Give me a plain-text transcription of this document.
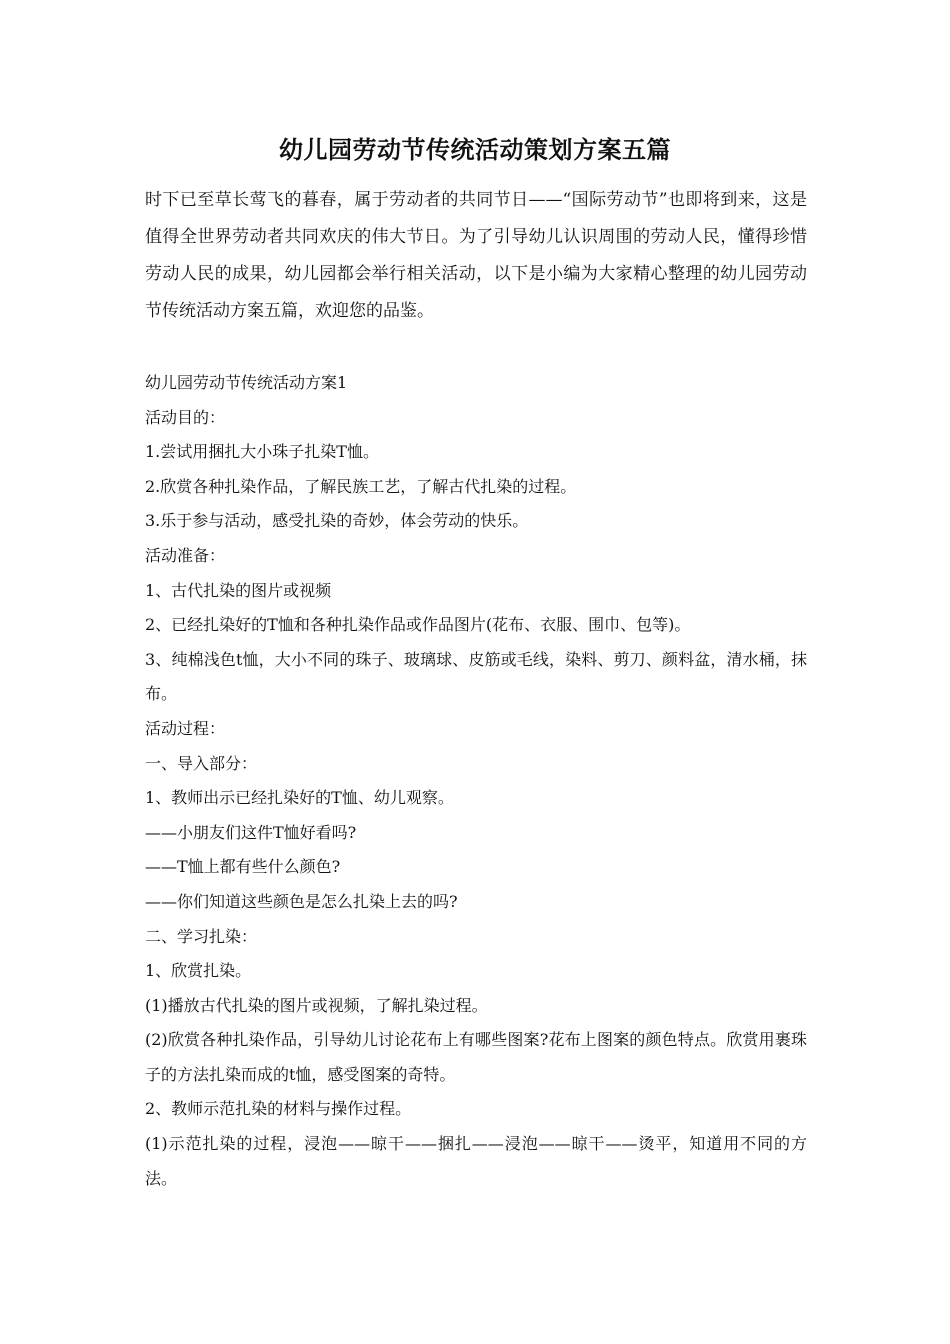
幼儿园劳动节传统活动策划方案五篇

时下已至草长莺飞的暮春，属于劳动者的共同节日——“国际劳动节”也即将到来，这是值得全世界劳动者共同欢庆的伟大节日。为了引导幼儿认识周围的劳动人民，懂得珍惜劳动人民的成果，幼儿园都会举行相关活动，以下是小编为大家精心整理的幼儿园劳动节传统活动方案五篇，欢迎您的品鉴。

幼儿园劳动节传统活动方案1
活动目的：
1.尝试用捆扎大小珠子扎染T恤。
2.欣赏各种扎染作品，了解民族工艺，了解古代扎染的过程。
3.乐于参与活动，感受扎染的奇妙，体会劳动的快乐。
活动准备：
1、古代扎染的图片或视频
2、已经扎染好的T恤和各种扎染作品或作品图片(花布、衣服、围巾、包等)。
3、纯棉浅色t恤，大小不同的珠子、玻璃球、皮筋或毛线，染料、剪刀、颜料盆，清水桶，抹布。
活动过程：
一、导入部分：
1、教师出示已经扎染好的T恤、幼儿观察。
——小朋友们这件T恤好看吗?
——T恤上都有些什么颜色?
——你们知道这些颜色是怎么扎染上去的吗?
二、学习扎染：
1、欣赏扎染。
(1)播放古代扎染的图片或视频，了解扎染过程。
(2)欣赏各种扎染作品，引导幼儿讨论花布上有哪些图案?花布上图案的颜色特点。欣赏用裹珠子的方法扎染而成的t恤，感受图案的奇特。
2、教师示范扎染的材料与操作过程。
(1)示范扎染的过程，浸泡——晾干——捆扎——浸泡——晾干——烫平，知道用不同的方法。
